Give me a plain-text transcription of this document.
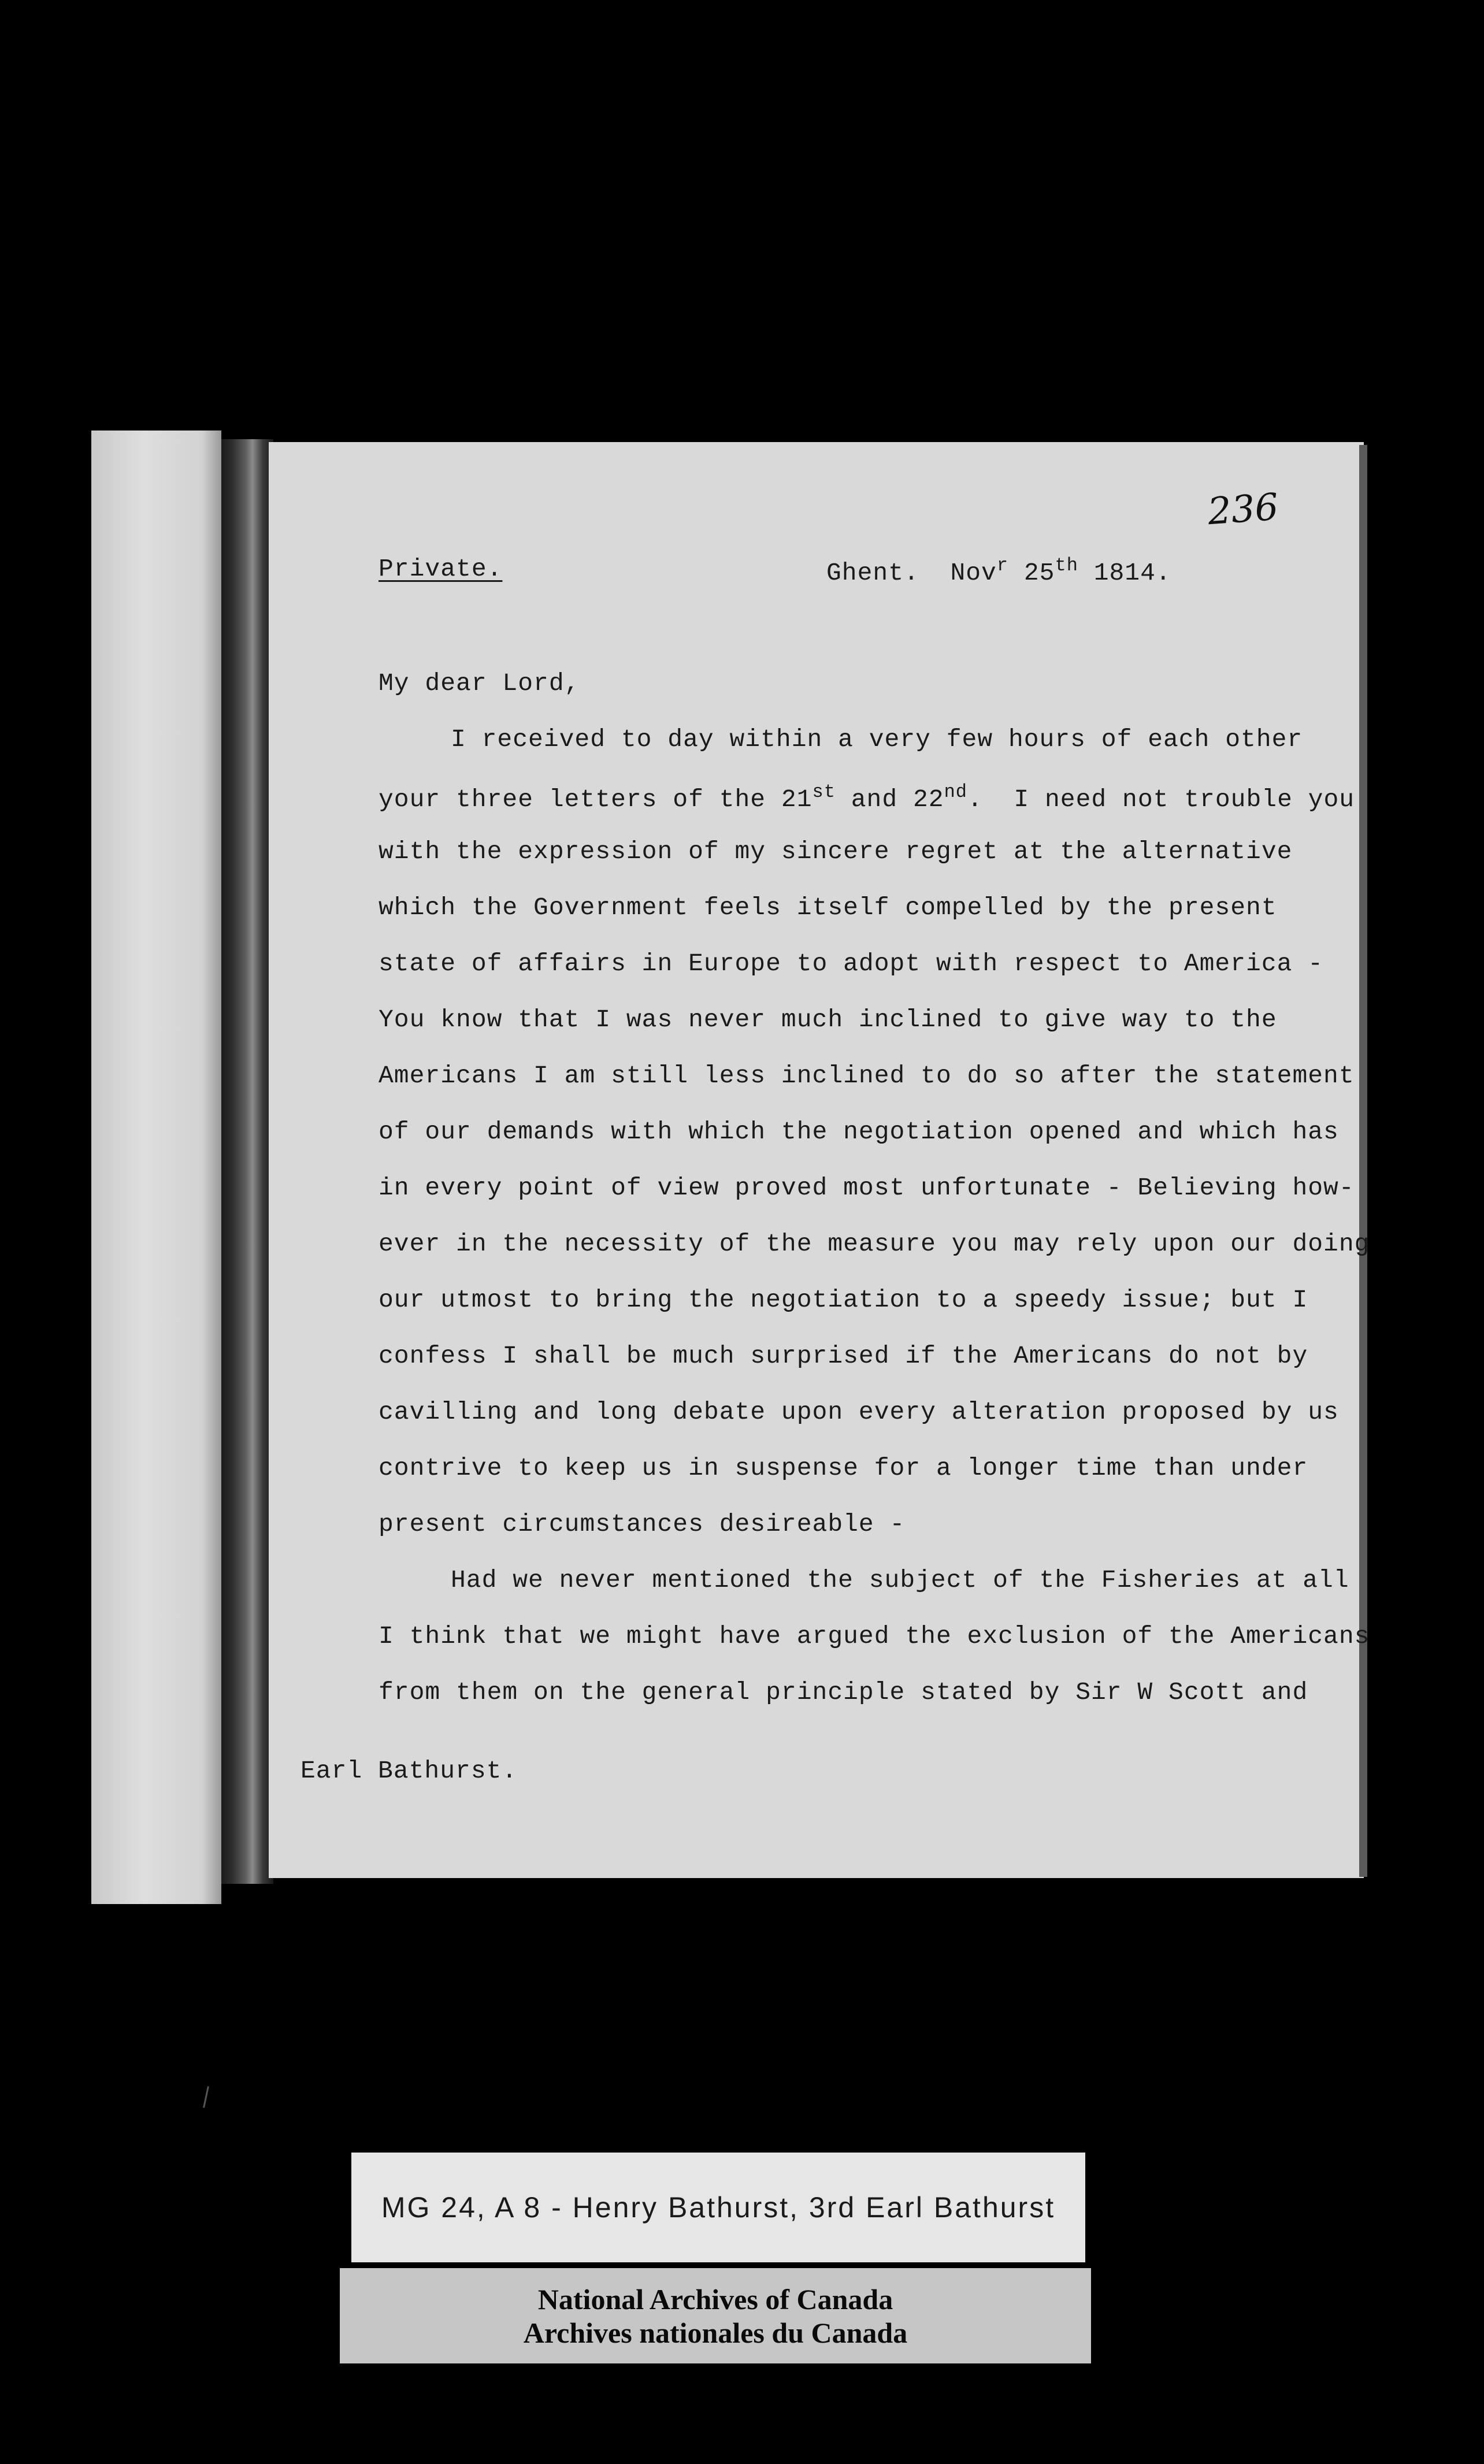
236
Private.	Ghent. Nov$^r$ 25th 1814.
My dear Lord,
I received to day within a very few hours of each other
your three letters of the 21st and 22nd.  I need not trouble you
with the expression of my sincere regret at the alternative
which the Government feels itself compelled by the present
state of affairs in Europe to adopt with respect to America -
You know that I was never much inclined to give way to the
Americans I am still less inclined to do so after the statement
of our demands with which the negotiation opened and which has
in every point of view proved most unfortunate - Believing how-
ever in the necessity of the measure you may rely upon our doing
our utmost to bring the negotiation to a speedy issue; but I
confess I shall be much surprised if the Americans do not by
cavilling and long debate upon every alteration proposed by us
contrive to keep us in suspense for a longer time than under
present circumstances desireable -
Had we never mentioned the subject of the Fisheries at all
I think that we might have argued the exclusion of the Americans
from them on the general principle stated by Sir W Scott and
Earl Bathurst.
MG 24, A 8 - Henry Bathurst, 3rd Earl Bathurst
National Archives of Canada
Archives nationales du Canada
